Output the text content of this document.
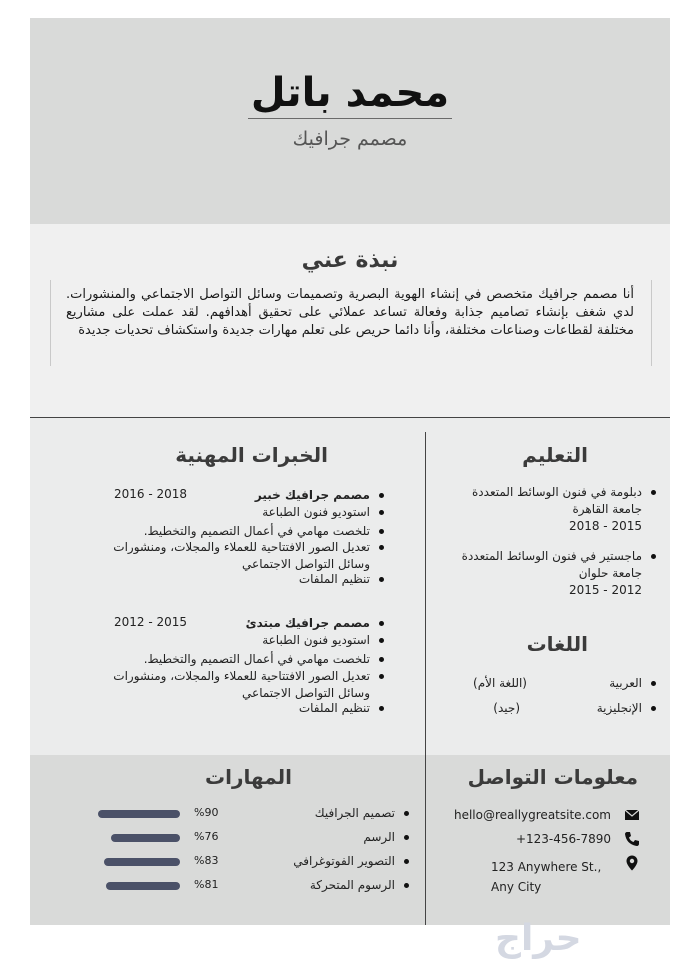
محمد باتل
مصمم جرافيك
نبذة عني
أنا مصمم جرافيك متخصص في إنشاء الهوية البصرية وتصميمات وسائل التواصل الاجتماعي والمنشورات. لدي شغف بإنشاء تصاميم جذابة وفعالة تساعد عملائي على تحقيق أهدافهم. لقد عملت على مشاريع مختلفة لقطاعات وصناعات مختلفة، وأنا دائما حريص على تعلم مهارات جديدة واستكشاف تحديات جديدة
التعليم
دبلومة في فنون الوسائط المتعددة
جامعة القاهرة
2015 - 2018
ماجستير في فنون الوسائط المتعددة
جامعة حلوان
2012 - 2015
اللغات
العربية
(اللغة الأم)
الإنجليزية
(جيد)
الخبرات المهنية
مصمم جرافيك خبير
2016 - 2018
استوديو فنون الطباعة
تلخصت مهامي في أعمال التصميم والتخطيط.
تعديل الصور الافتتاحية للعملاء والمجلات، ومنشورات وسائل التواصل الاجتماعي
تنظيم الملفات
مصمم جرافيك مبتدئ
2012 - 2015
استوديو فنون الطباعة
تلخصت مهامي في أعمال التصميم والتخطيط.
تعديل الصور الافتتاحية للعملاء والمجلات، ومنشورات وسائل التواصل الاجتماعي
تنظيم الملفات
معلومات التواصل
hello@reallygreatsite.com
+123-456-7890
123 Anywhere St., Any City
المهارات
تصميم الجرافيك
%90
الرسم
%76
التصوير الفوتوغرافي
%83
الرسوم المتحركة
%81
حراج
